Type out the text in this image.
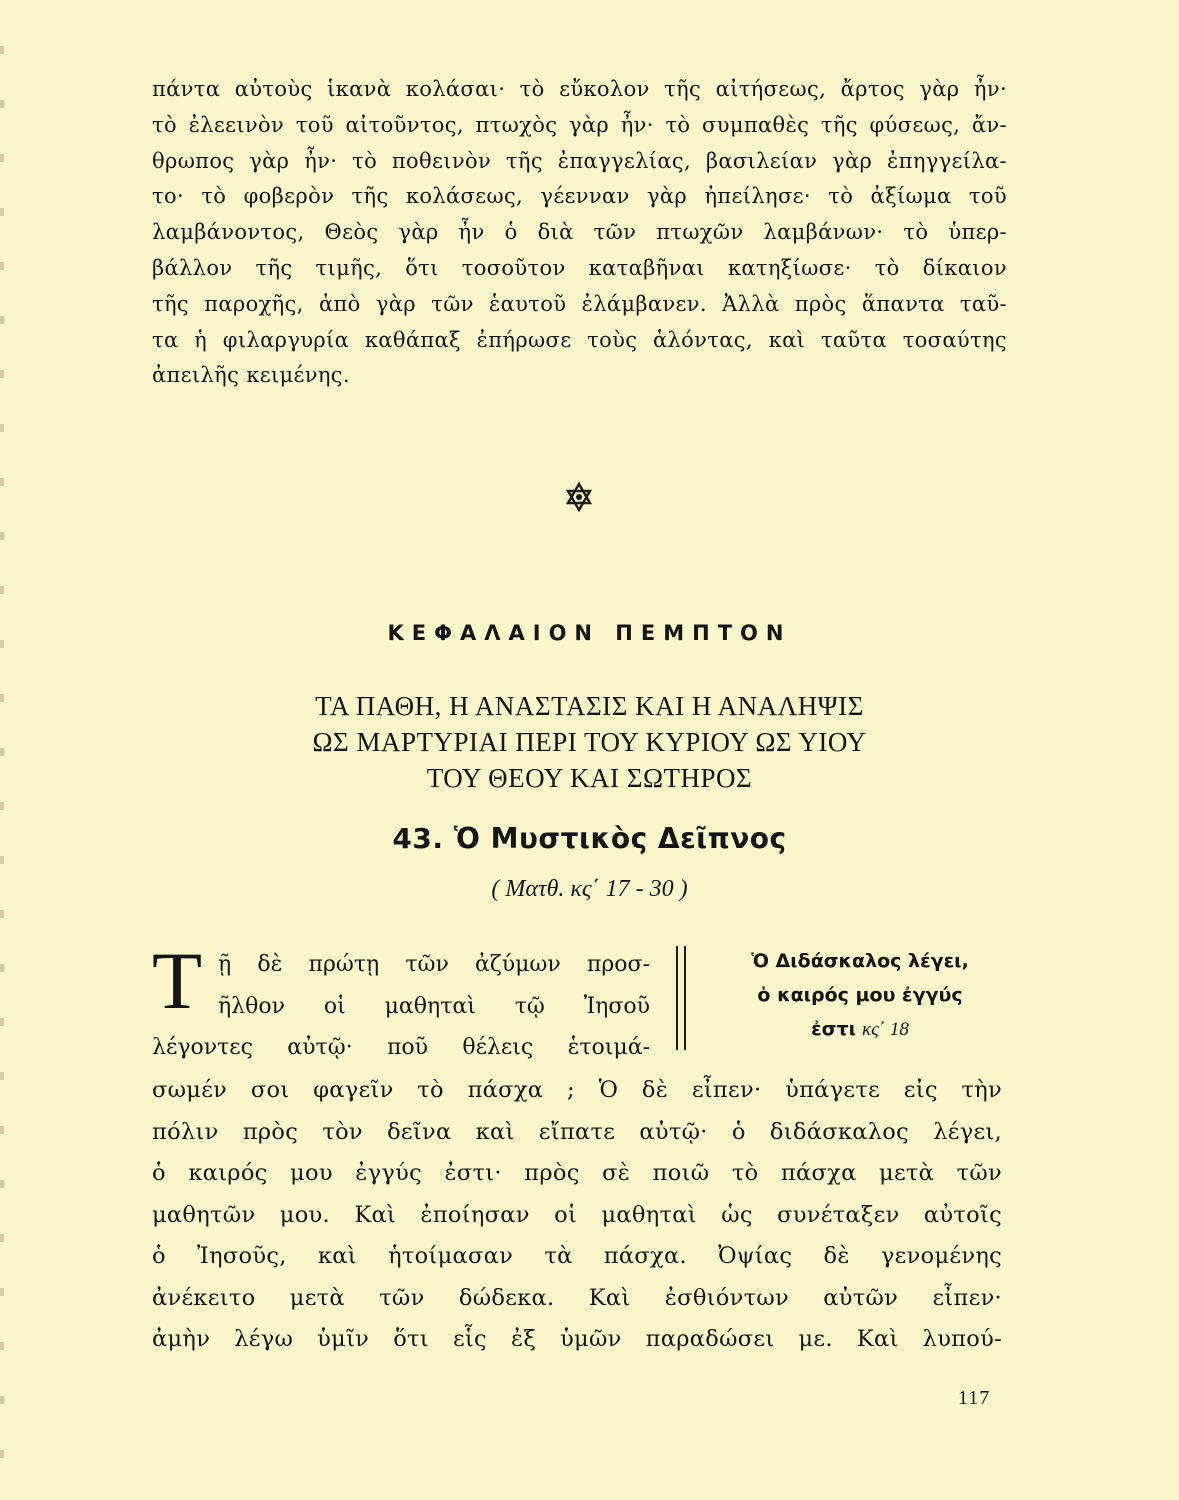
πάντα αὐτοὺς ἱκανὰ κολάσαι· τὸ εὔκολον τῆς αἰτήσεως, ἄρτος γὰρ ἦν·
τὸ ἐλεεινὸν τοῦ αἰτοῦντος, πτωχὸς γὰρ ἦν· τὸ συμπαθὲς τῆς φύσεως, ἄν-
θρωπος γὰρ ἦν· τὸ ποθεινὸν τῆς ἐπαγγελίας, βασιλείαν γὰρ ἐπηγγείλα-
το· τὸ φοβερὸν τῆς κολάσεως, γέενναν γὰρ ἠπείλησε· τὸ ἀξίωμα τοῦ
λαμβάνοντος, Θεὸς γὰρ ἦν ὁ διὰ τῶν πτωχῶν λαμβάνων· τὸ ὑπερ-
βάλλον τῆς τιμῆς, ὅτι τοσοῦτον καταβῆναι κατηξίωσε· τὸ δίκαιον
τῆς παροχῆς, ἀπὸ γὰρ τῶν ἑαυτοῦ ἐλάμβανεν. Ἀλλὰ πρὸς ἅπαντα ταῦ-
τα ἡ φιλαργυρία καθάπαξ ἐπήρωσε τοὺς ἁλόντας, καὶ ταῦτα τοσαύτης
ἀπειλῆς κειμένης.
ΚΕΦΑΛΑΙΟΝ ΠΕΜΠΤΟΝ
ΤΑ ΠΑΘΗ, Η ΑΝΑΣΤΑΣΙΣ ΚΑΙ Η ΑΝΑΛΗΨΙΣ
ΩΣ ΜΑΡΤΥΡΙΑΙ ΠΕΡΙ ΤΟΥ ΚΥΡΙΟΥ ΩΣ ΥΙΟΥ
ΤΟΥ ΘΕΟΥ ΚΑΙ ΣΩΤΗΡΟΣ
43. Ὁ Μυστικὸς Δεῖπνος
( Ματθ. κς΄ 17 - 30 )
Τ ῇ δὲ πρώτῃ τῶν ἀζύμων προσ-
ῆλθον οἱ μαθηταὶ τῷ Ἰησοῦ
λέγοντες αὐτῷ· ποῦ θέλεις ἑτοιμά-
Ὁ Διδάσκαλος λέγει,
ὁ καιρός μου ἐγγύς
ἐστι κς΄ 18
σωμέν σοι φαγεῖν τὸ πάσχα ; Ὁ δὲ εἶπεν· ὑπάγετε εἰς τὴν
πόλιν πρὸς τὸν δεῖνα καὶ εἴπατε αὐτῷ· ὁ διδάσκαλος λέγει,
ὁ καιρός μου ἐγγύς ἐστι· πρὸς σὲ ποιῶ τὸ πάσχα μετὰ τῶν
μαθητῶν μου. Καὶ ἐποίησαν οἱ μαθηταὶ ὡς συνέταξεν αὐτοῖς
ὁ Ἰησοῦς, καὶ ἡτοίμασαν τὰ πάσχα. Ὀψίας δὲ γενομένης
ἀνέκειτο μετὰ τῶν δώδεκα. Καὶ ἐσθιόντων αὐτῶν εἶπεν·
ἀμὴν λέγω ὑμῖν ὅτι εἷς ἐξ ὑμῶν παραδώσει με. Καὶ λυπού-
117
